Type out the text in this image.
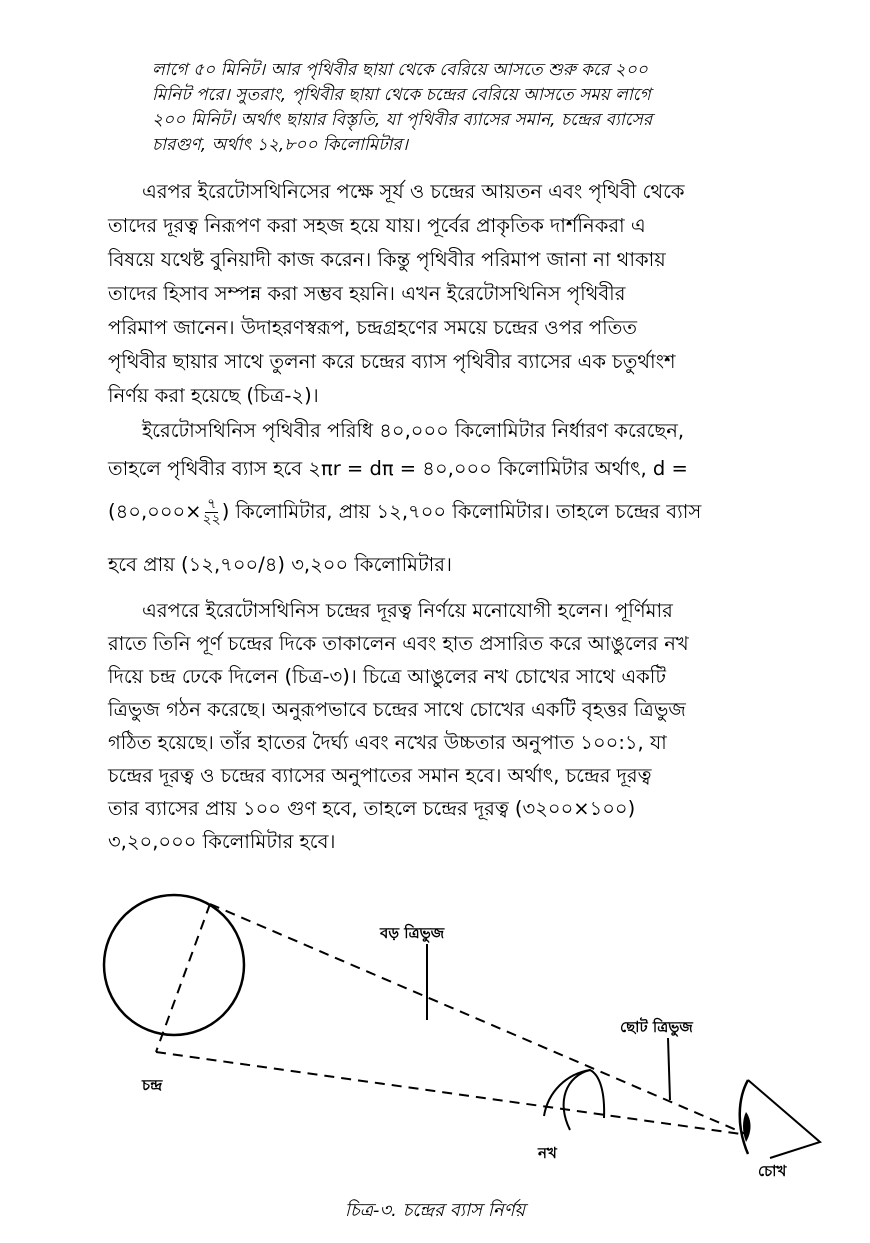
লাগে ৫০ মিনিট। আর পৃথিবীর ছায়া থেকে বেরিয়ে আসতে শুরু করে ২০০
মিনিট পরে। সুতরাং, পৃথিবীর ছায়া থেকে চন্দ্রের বেরিয়ে আসতে সময় লাগে
২০০ মিনিট। অর্থাৎ ছায়ার বিস্তৃতি, যা পৃথিবীর ব্যাসের সমান, চন্দ্রের ব্যাসের
চারগুণ, অর্থাৎ ১২,৮০০ কিলোমিটার।
এরপর ইরেটোসথিনিসের পক্ষে সূর্য ও চন্দ্রের আয়তন এবং পৃথিবী থেকে
তাদের দূরত্ব নিরূপণ করা সহজ হয়ে যায়। পূর্বের প্রাকৃতিক দার্শনিকরা এ
বিষয়ে যথেষ্ট বুনিয়াদী কাজ করেন। কিন্তু পৃথিবীর পরিমাপ জানা না থাকায়
তাদের হিসাব সম্পন্ন করা সম্ভব হয়নি। এখন ইরেটোসথিনিস পৃথিবীর
পরিমাপ জানেন। উদাহরণস্বরূপ, চন্দ্রগ্রহণের সময়ে চন্দ্রের ওপর পতিত
পৃথিবীর ছায়ার সাথে তুলনা করে চন্দ্রের ব্যাস পৃথিবীর ব্যাসের এক চতুর্থাংশ
নির্ণয় করা হয়েছে (চিত্র-২)।
ইরেটোসথিনিস পৃথিবীর পরিধি ৪০,০০০ কিলোমিটার নির্ধারণ করেছেন,
তাহলে পৃথিবীর ব্যাস হবে ২πr = dπ = ৪০,০০০ কিলোমিটার অর্থাৎ, d =
(৪০,০০০× $\frac{৭}{২২}$ ) কিলোমিটার, প্রায় ১২,৭০০ কিলোমিটার। তাহলে চন্দ্রের ব্যাস
হবে প্রায় (১২,৭০০/৪) ৩,২০০ কিলোমিটার।
এরপরে ইরেটোসথিনিস চন্দ্রের দূরত্ব নির্ণয়ে মনোযোগী হলেন। পূর্ণিমার
রাতে তিনি পূর্ণ চন্দ্রের দিকে তাকালেন এবং হাত প্রসারিত করে আঙুলের নখ
দিয়ে চন্দ্র ঢেকে দিলেন (চিত্র-৩)। চিত্রে আঙুলের নখ চোখের সাথে একটি
ত্রিভুজ গঠন করেছে। অনুরূপভাবে চন্দ্রের সাথে চোখের একটি বৃহত্তর ত্রিভুজ
গঠিত হয়েছে। তাঁর হাতের দৈর্ঘ্য এবং নখের উচ্চতার অনুপাত ১০০:১, যা
চন্দ্রের দূরত্ব ও চন্দ্রের ব্যাসের অনুপাতের সমান হবে। অর্থাৎ, চন্দ্রের দূরত্ব
তার ব্যাসের প্রায় ১০০ গুণ হবে, তাহলে চন্দ্রের দূরত্ব (৩২০০×১০০)
৩,২০,০০০ কিলোমিটার হবে।
বড় ত্রিভুজ
ছোট ত্রিভুজ
চন্দ্র
নখ
চোখ
চিত্র-৩. চন্দ্রের ব্যাস নির্ণয়
